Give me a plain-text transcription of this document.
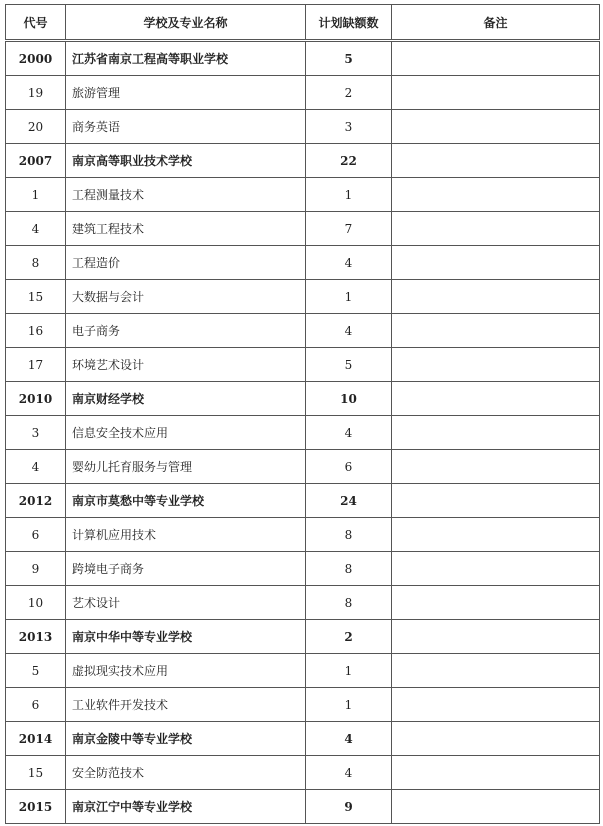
代号	学校及专业名称	计划缺额数	备注
2000	江苏省南京工程高等职业学校	5	
19	旅游管理	2	
20	商务英语	3	
2007	南京高等职业技术学校	22	
1	工程测量技术	1	
4	建筑工程技术	7	
8	工程造价	4	
15	大数据与会计	1	
16	电子商务	4	
17	环境艺术设计	5	
2010	南京财经学校	10	
3	信息安全技术应用	4	
4	婴幼儿托育服务与管理	6	
2012	南京市莫愁中等专业学校	24	
6	计算机应用技术	8	
9	跨境电子商务	8	
10	艺术设计	8	
2013	南京中华中等专业学校	2	
5	虚拟现实技术应用	1	
6	工业软件开发技术	1	
2014	南京金陵中等专业学校	4	
15	安全防范技术	4	
2015	南京江宁中等专业学校	9	
